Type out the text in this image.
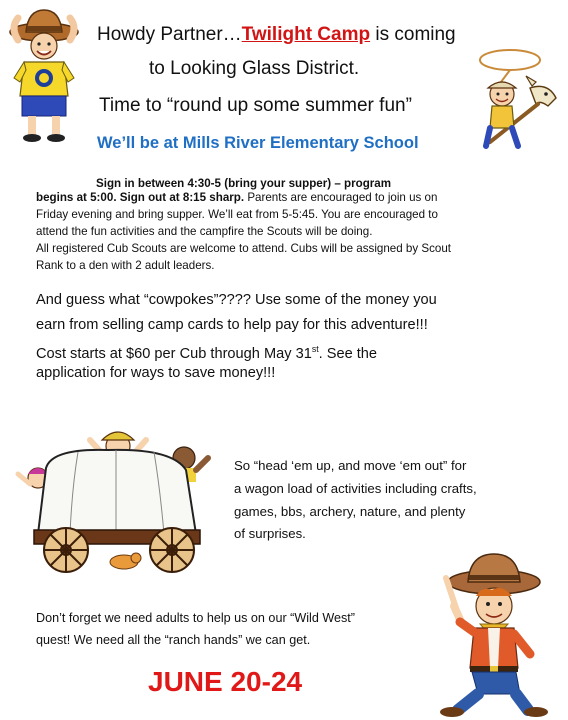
Howdy Partner…Twilight Camp is coming
to Looking Glass District.
Time to “round up some summer fun”
We’ll be at Mills River Elementary School
Sign in between 4:30-5 (bring your supper) – program
begins at 5:00. Sign out at 8:15 sharp. Parents are encouraged to join us on
Friday evening and bring supper. We’ll eat from 5-5:45. You are encouraged to
attend the fun activities and the campfire the Scouts will be doing.
All registered Cub Scouts are welcome to attend. Cubs will be assigned by Scout
Rank to a den with 2 adult leaders.
And guess what “cowpokes”???? Use some of the money you
earn from selling camp cards to help pay for this adventure!!!
Cost starts at $60 per Cub through May 31st. See the
application for ways to save money!!!
So “head ‘em up, and move ‘em out” for
a wagon load of activities including crafts,
games, bbs, archery, nature, and plenty
of surprises.
Don’t forget we need adults to help us on our “Wild West”
quest! We need all the “ranch hands” we can get.
JUNE 20-24
